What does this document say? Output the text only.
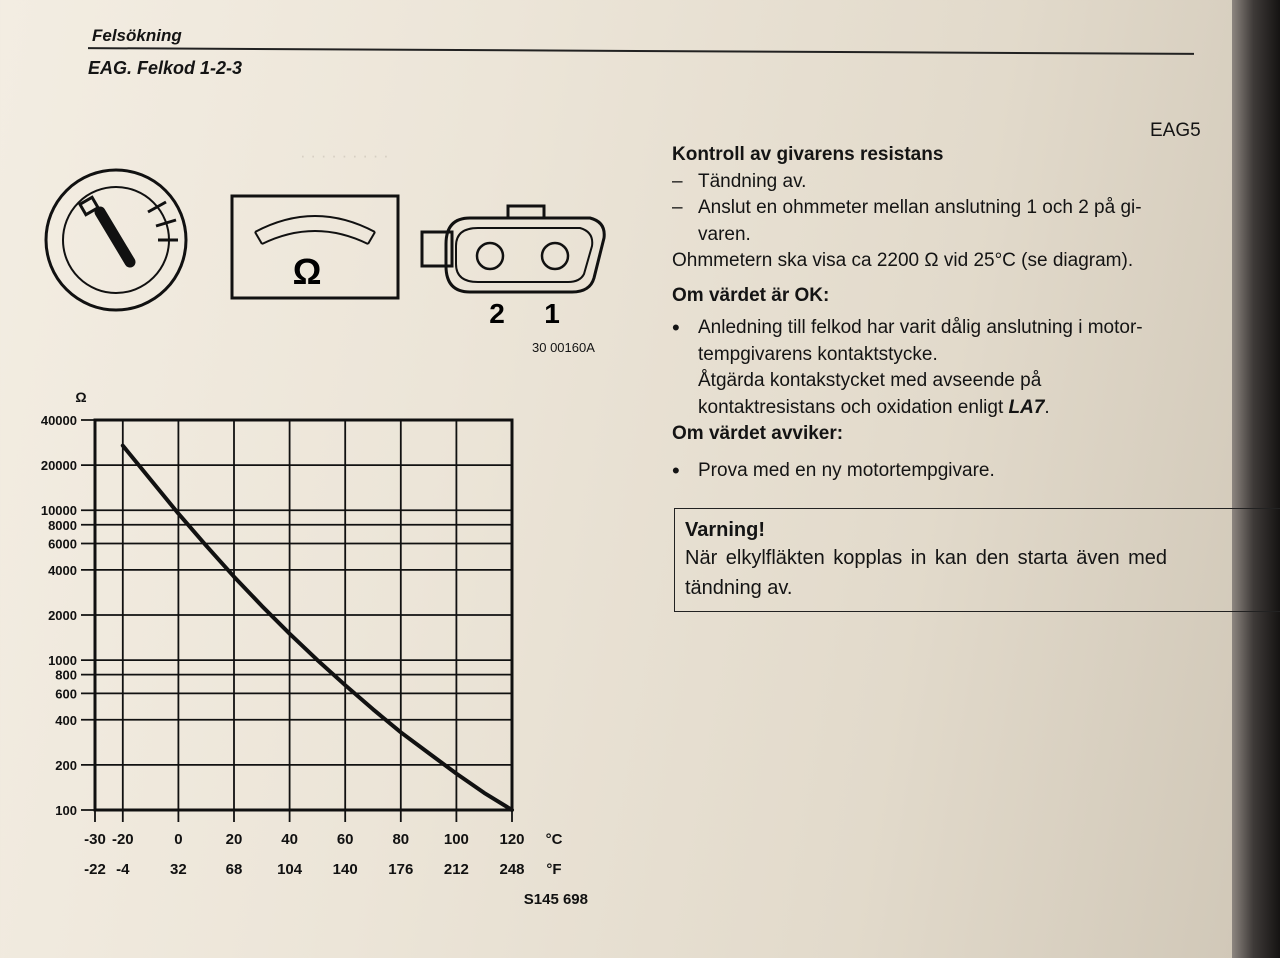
· · · · · · · · ·
Felsökning
EAG. Felkod 1-2-3
EAG5
Ω
2 1
30 00160A
40000
20000
10000
8000
6000
4000
2000
1000
800
600
400
200
100
-30
-22
-20
-4
0
32
20
68
40
104
60
140
80
176
100
212
120
248
Ω
°C
°F
S145 698

Kontroll av givarens resistans

– Tändning av.
– Anslut en ohmmeter mellan anslutning 1 och 2 på gi-
varen.

Ohmmetern ska visa ca 2200 Ω vid 25°C (se diagram).

Om värdet är OK:

• Anledning till felkod har varit dålig anslutning i motor-
tempgivarens kontaktstycke.
Åtgärda kontakstycket med avseende på
kontaktresistans och oxidation enligt LA7.

Om värdet avviker:

• Prova med en ny motortempgivare.
Varning!
När elkylfläkten kopplas in kan den starta även med
tändning av.
